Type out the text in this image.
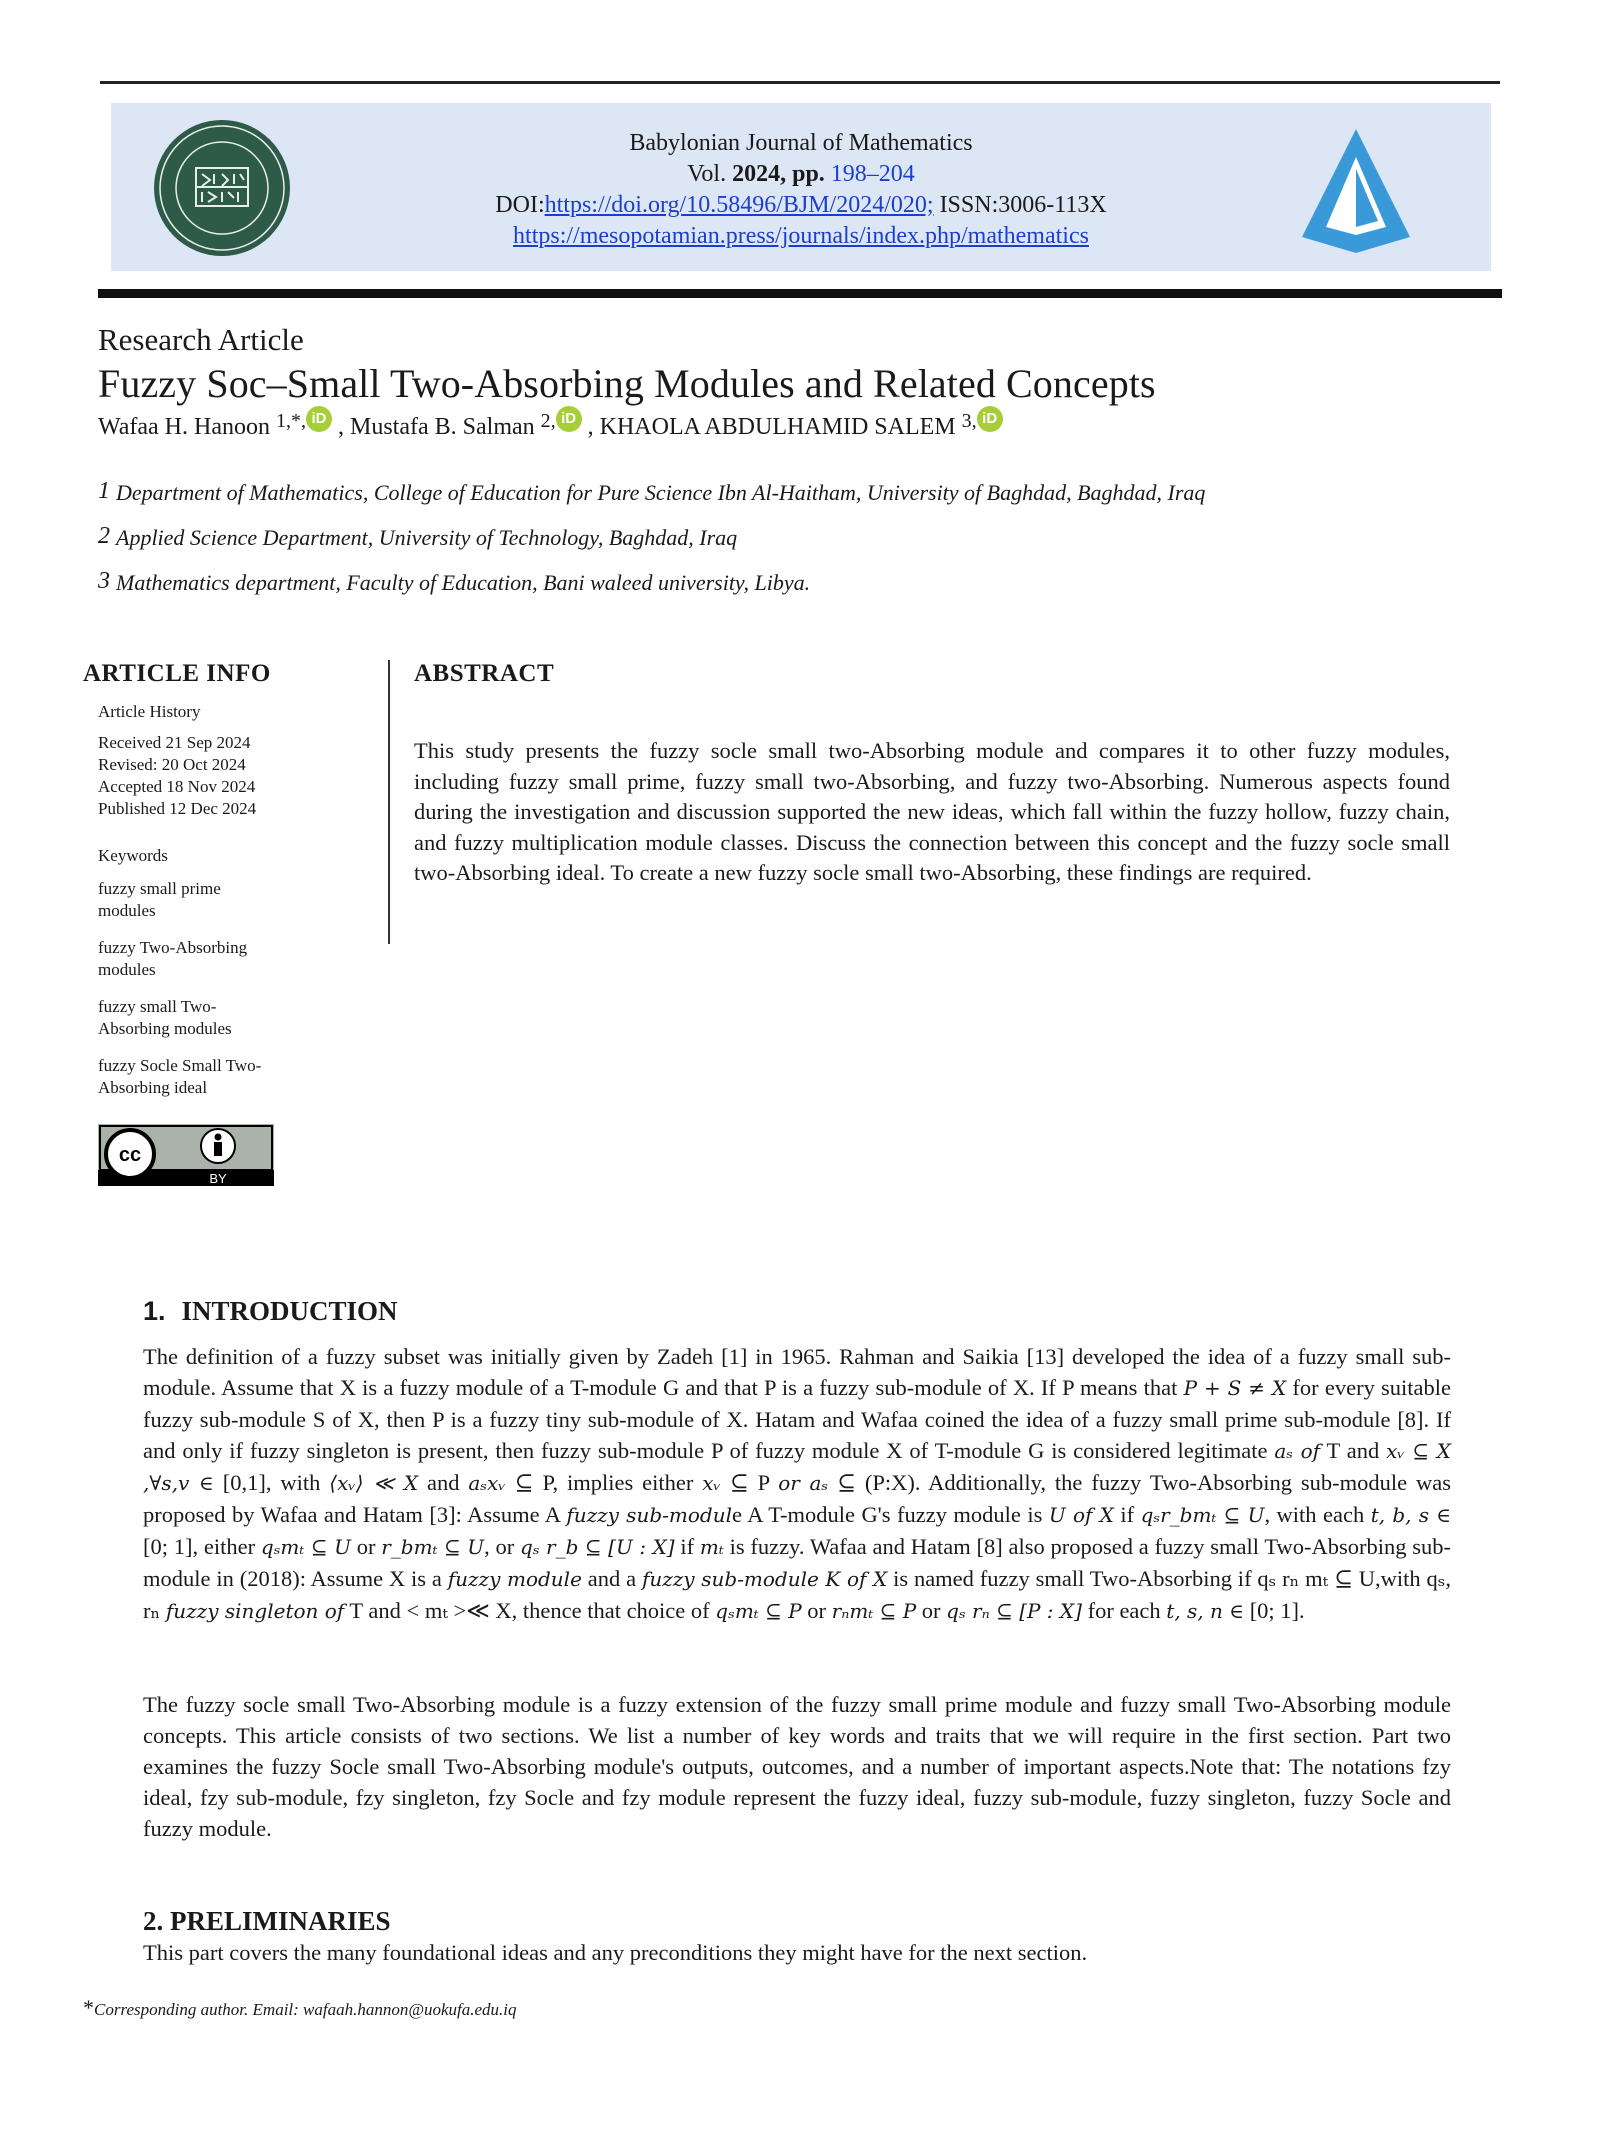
Babylonian Journal of Mathematics
Vol. 2024, pp. 198–204
DOI:https://doi.org/10.58496/BJM/2024/020; ISSN:3006-113X
https://mesopotamian.press/journals/index.php/mathematics
Research Article
Fuzzy Soc–Small Two-Absorbing Modules and Related Concepts
Wafaa H. Hanoon $^{1,*,}$ iD , Mustafa B. Salman $^{2,}$ iD , KHAOLA ABDULHAMID SALEM $^{3,}$ iD
$^1$ Department of Mathematics, College of Education for Pure Science Ibn Al-Haitham, University of Baghdad, Baghdad, Iraq
$^2$ Applied Science Department, University of Technology, Baghdad, Iraq
$^3$ Mathematics department, Faculty of Education, Bani waleed university, Libya.
ARTICLE INFO
Article History
Received 21 Sep 2024
Revised: 20 Oct 2024
Accepted 18 Nov 2024
Published 12 Dec 2024
Keywords
fuzzy small prime
modules
fuzzy Two-Absorbing
modules
fuzzy small Two-
Absorbing modules
fuzzy Socle Small Two-
Absorbing ideal
cc
BY
ABSTRACT
This study presents the fuzzy socle small two-Absorbing module and compares it to other fuzzy modules, including fuzzy small prime, fuzzy small two-Absorbing, and fuzzy two-Absorbing. Numerous aspects found during the investigation and discussion supported the new ideas, which fall within the fuzzy hollow, fuzzy chain, and fuzzy multiplication module classes. Discuss the connection between this concept and the fuzzy socle small two-Absorbing ideal. To create a new fuzzy socle small two-Absorbing, these findings are required.
1. INTRODUCTION
The definition of a fuzzy subset was initially given by Zadeh [1] in 1965. Rahman and Saikia [13] developed the idea of a fuzzy small sub-module. Assume that X is a fuzzy module of a T-module G and that P is a fuzzy sub-module of X. If P means that P + S ≠ X for every suitable fuzzy sub-module S of X, then P is a fuzzy tiny sub-module of X. Hatam and Wafaa coined the idea of a fuzzy small prime sub-module [8]. If and only if fuzzy singleton is present, then fuzzy sub-module P of fuzzy module X of T-module G is considered legitimate aₛ of T and xᵥ ⊆ X ,∀s,v ∈ [0,1], with ⟨xᵥ⟩ ≪ X and aₛxᵥ ⊆ P, implies either xᵥ ⊆ P or aₛ ⊆ (P:X). Additionally, the fuzzy Two-Absorbing sub-module was proposed by Wafaa and Hatam [3]: Assume A fuzzy sub-module A T-module G's fuzzy module is U of X if qₛr_bmₜ ⊆ U, with each t, b, s ∈ [0; 1], either qₛmₜ ⊆ U or r_bmₜ ⊆ U, or qₛ r_b ⊆ [U : X] if mₜ is fuzzy. Wafaa and Hatam [8] also proposed a fuzzy small Two-Absorbing sub-module in (2018): Assume X is a fuzzy module and a fuzzy sub-module K of X is named fuzzy small Two-Absorbing if qₛ rₙ mₜ ⊆ U,with qₛ, rₙ fuzzy singleton of T and < mₜ >≪ X, thence that choice of qₛmₜ ⊆ P or rₙmₜ ⊆ P or qₛ rₙ ⊆ [P : X] for each t, s, n ∈ [0; 1].
The fuzzy socle small Two-Absorbing module is a fuzzy extension of the fuzzy small prime module and fuzzy small Two-Absorbing module concepts. This article consists of two sections. We list a number of key words and traits that we will require in the first section. Part two examines the fuzzy Socle small Two-Absorbing module's outputs, outcomes, and a number of important aspects.Note that: The notations fzy ideal, fzy sub-module, fzy singleton, fzy Socle and fzy module represent the fuzzy ideal, fuzzy sub-module, fuzzy singleton, fuzzy Socle and fuzzy module.
2. PRELIMINARIES
This part covers the many foundational ideas and any preconditions they might have for the next section.
*Corresponding author. Email: wafaah.hannon@uokufa.edu.iq
